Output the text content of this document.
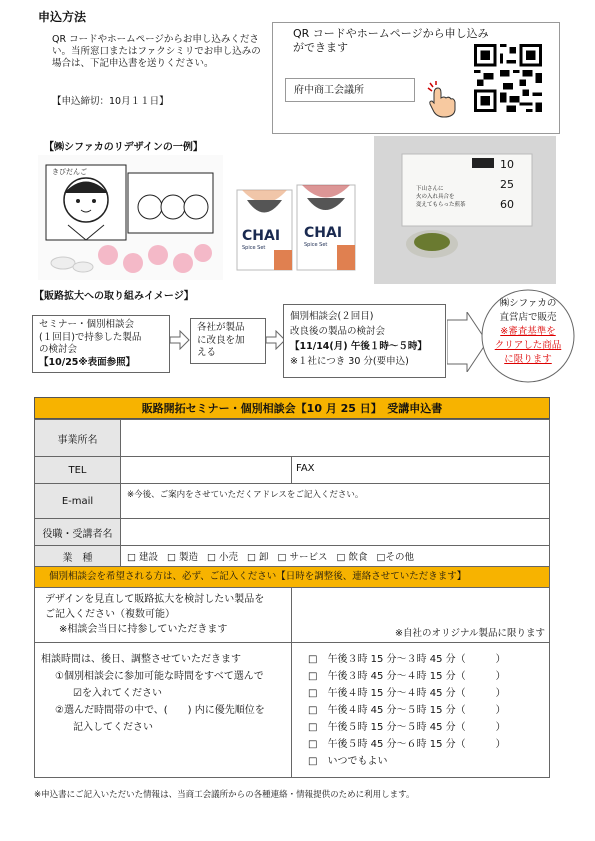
申込方法
QR コードやホームページからお申し込みください。当所窓口またはファクシミリでお申し込みの場合は、下記申込書を送りください。
【申込締切：10月１１日】
QR コードやホームページから申し込みができます
府中商工会議所
【㈱シファカのリデザインの一例】
きびだんご
CHAI
Spice Set
CHAI
Spice Set
下山さんに
火の入れ具合を
変えてもらった煎茶
10
25
60
【販路拡大への取り組みイメージ】
セミナー・個別相談会
(１回目)で持参した製品
の検討会
【10/25※表面参照】
各社が製品
に改良を加
える
個別相談会(２回目)
改良後の製品の検討会
【11/14(月) 午後１時～５時】
※１社につき 30 分(要申込)
㈱シファカの
直営店で販売
※審査基準を
クリアした商品
に限ります
販路開拓セミナー・個別相談会【10 月 25 日】　受講申込書
事業所名
TEL	FAX
E-mail
※今後、ご案内をさせていただくアドレスをご記入ください。
役職・受講者名
業　種	□ 建設 □ 製造 □ 小売 □ 卸 □ サービス □ 飲食 □その他
個別相談会を希望される方は、必ず、ご記入ください【日時を調整後、連絡させていただきます】
デザインを見直して販路拡大を検討したい製品を
ご記入ください（複数可能）
※相談会当日に持参していただきます	※自社のオリジナル製品に限ります
相談時間は、後日、調整させていただきます
①個別相談会に参加可能な時間をすべて選んで
☑を入れてください
②選んだ時間帯の中で、(　　) 内に優先順位を
記入してください
□　午後３時 15 分～３時 45 分（　　　）
□　午後３時 45 分～４時 15 分（　　　）
□　午後４時 15 分～４時 45 分（　　　）
□　午後４時 45 分～５時 15 分（　　　）
□　午後５時 15 分～５時 45 分（　　　）
□　午後５時 45 分～６時 15 分（　　　）
□　いつでもよい
※申込書にご記入いただいた情報は、当商工会議所からの各種連絡・情報提供のために利用します。
